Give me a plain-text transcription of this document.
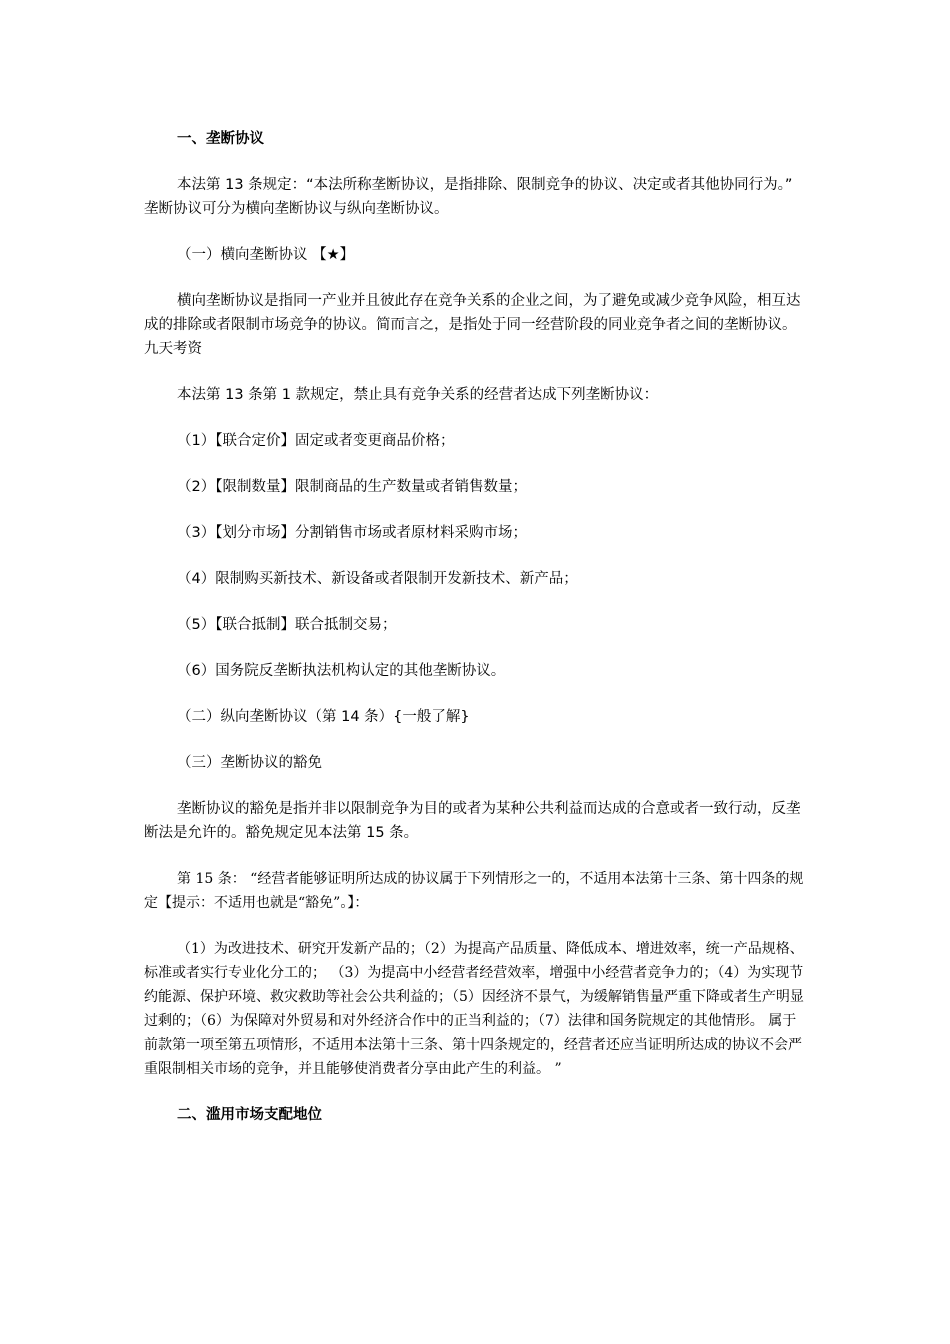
一、垄断协议

本法第 13 条规定：“本法所称垄断协议，是指排除、限制竞争的协议、决定或者其他协同行为。” 垄断协议可分为横向垄断协议与纵向垄断协议。

（一）横向垄断协议 【★】

横向垄断协议是指同一产业并且彼此存在竞争关系的企业之间，为了避免或减少竞争风险，相互达成的排除或者限制市场竞争的协议。简而言之，是指处于同一经营阶段的同业竞争者之间的垄断协议。 九天考资

本法第 13 条第 1 款规定，禁止具有竞争关系的经营者达成下列垄断协议：

（1）【联合定价】固定或者变更商品价格；

（2）【限制数量】限制商品的生产数量或者销售数量；

（3）【划分市场】分割销售市场或者原材料采购市场；

（4）限制购买新技术、新设备或者限制开发新技术、新产品；

（5）【联合抵制】联合抵制交易；

（6）国务院反垄断执法机构认定的其他垄断协议。

（二）纵向垄断协议（第 14 条）{一般了解}

（三）垄断协议的豁免

垄断协议的豁免是指并非以限制竞争为目的或者为某种公共利益而达成的合意或者一致行动，反垄断法是允许的。豁免规定见本法第 15 条。

第 15 条： “经营者能够证明所达成的协议属于下列情形之一的，不适用本法第十三条、第十四条的规定【提示：不适用也就是“豁免”。】：

（1）为改进技术、研究开发新产品的；（2）为提高产品质量、降低成本、增进效率，统一产品规格、标准或者实行专业化分工的； （3）为提高中小经营者经营效率，增强中小经营者竞争力的；（4）为实现节约能源、保护环境、救灾救助等社会公共利益的；（5）因经济不景气，为缓解销售量严重下降或者生产明显过剩的；（6）为保障对外贸易和对外经济合作中的正当利益的；（7）法律和国务院规定的其他情形。 属于前款第一项至第五项情形，不适用本法第十三条、第十四条规定的，经营者还应当证明所达成的协议不会严重限制相关市场的竞争，并且能够使消费者分享由此产生的利益。 ”

二、滥用市场支配地位
